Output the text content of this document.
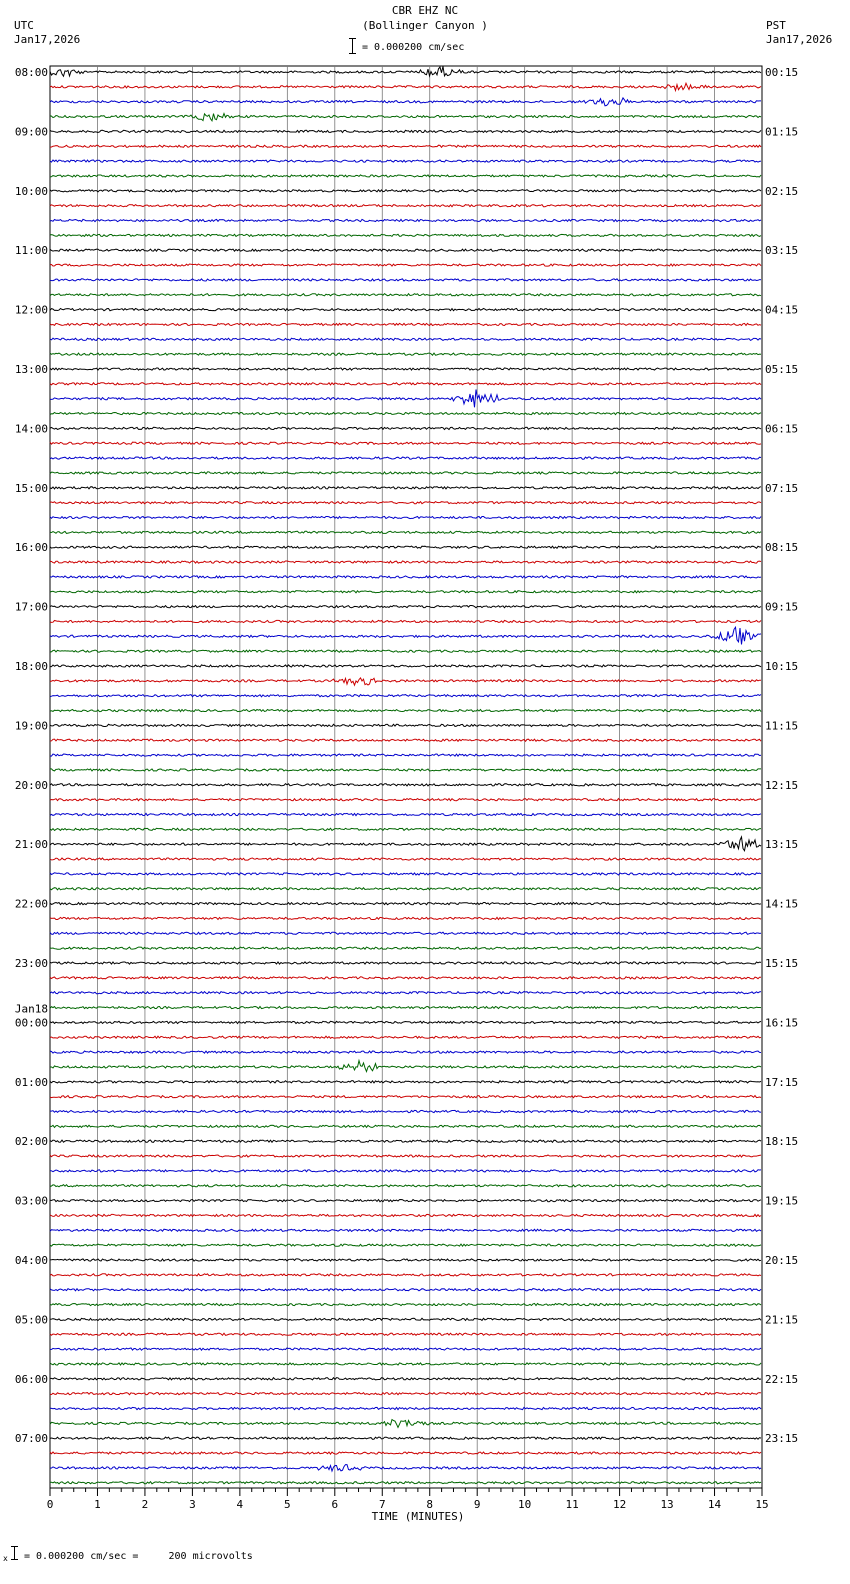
CBR EHZ NC
(Bollinger Canyon )
= 0.000200 cm/sec
UTC
Jan17,2026
PST
Jan17,2026
08:00
09:00
10:00
11:00
12:00
13:00
14:00
15:00
16:00
17:00
18:00
19:00
20:00
21:00
22:00
23:00
00:00
Jan18
01:00
02:00
03:00
04:00
05:00
06:00
07:00
00:15
01:15
02:15
03:15
04:15
05:15
06:15
07:15
08:15
09:15
10:15
11:15
12:15
13:15
14:15
15:15
16:15
17:15
18:15
19:15
20:15
21:15
22:15
23:15
0	1	2	3	4	5	6	7	8	9	10	11	12	13	14	15
TIME (MINUTES)
x = 0.000200 cm/sec =     200 microvolts
